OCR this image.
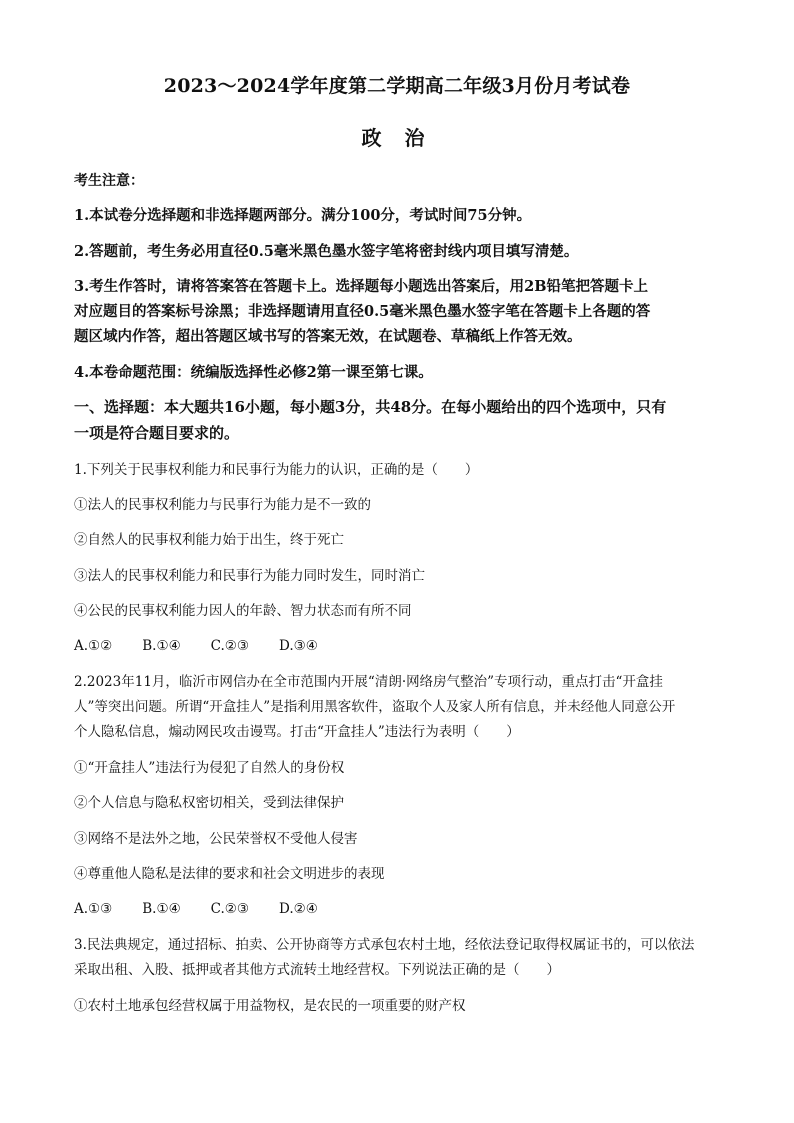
2023～2024学年度第二学期高二年级3月份月考试卷
政 治
考生注意：
1.本试卷分选择题和非选择题两部分。满分100分，考试时间75分钟。
2.答题前，考生务必用直径0.5毫米黑色墨水签字笔将密封线内项目填写清楚。
3.考生作答时，请将答案答在答题卡上。选择题每小题选出答案后，用2B铅笔把答题卡上
对应题目的答案标号涂黑；非选择题请用直径0.5毫米黑色墨水签字笔在答题卡上各题的答
题区域内作答，超出答题区域书写的答案无效，在试题卷、草稿纸上作答无效。
4.本卷命题范围：统编版选择性必修2第一课至第七课。
一、选择题：本大题共16小题，每小题3分，共48分。在每小题给出的四个选项中，只有
一项是符合题目要求的。
1.下列关于民事权利能力和民事行为能力的认识，正确的是（　　）
①法人的民事权利能力与民事行为能力是不一致的
②自然人的民事权利能力始于出生，终于死亡
③法人的民事权利能力和民事行为能力同时发生，同时消亡
④公民的民事权利能力因人的年龄、智力状态而有所不同
A.①② B.①④ C.②③ D.③④
2.2023年11月，临沂市网信办在全市范围内开展“清朗·网络房气整治”专项行动，重点打击“开盒挂
人”等突出问题。所谓“开盒挂人”是指利用黑客软件，盗取个人及家人所有信息，并未经他人同意公开
个人隐私信息，煽动网民攻击谩骂。打击“开盒挂人”违法行为表明（　　）
①“开盒挂人”违法行为侵犯了自然人的身份权
②个人信息与隐私权密切相关，受到法律保护
③网络不是法外之地，公民荣誉权不受他人侵害
④尊重他人隐私是法律的要求和社会文明进步的表现
A.①③ B.①④ C.②③ D.②④
3.民法典规定，通过招标、拍卖、公开协商等方式承包农村土地，经依法登记取得权属证书的，可以依法
采取出租、入股、抵押或者其他方式流转土地经营权。下列说法正确的是（　　）
①农村土地承包经营权属于用益物权，是农民的一项重要的财产权
